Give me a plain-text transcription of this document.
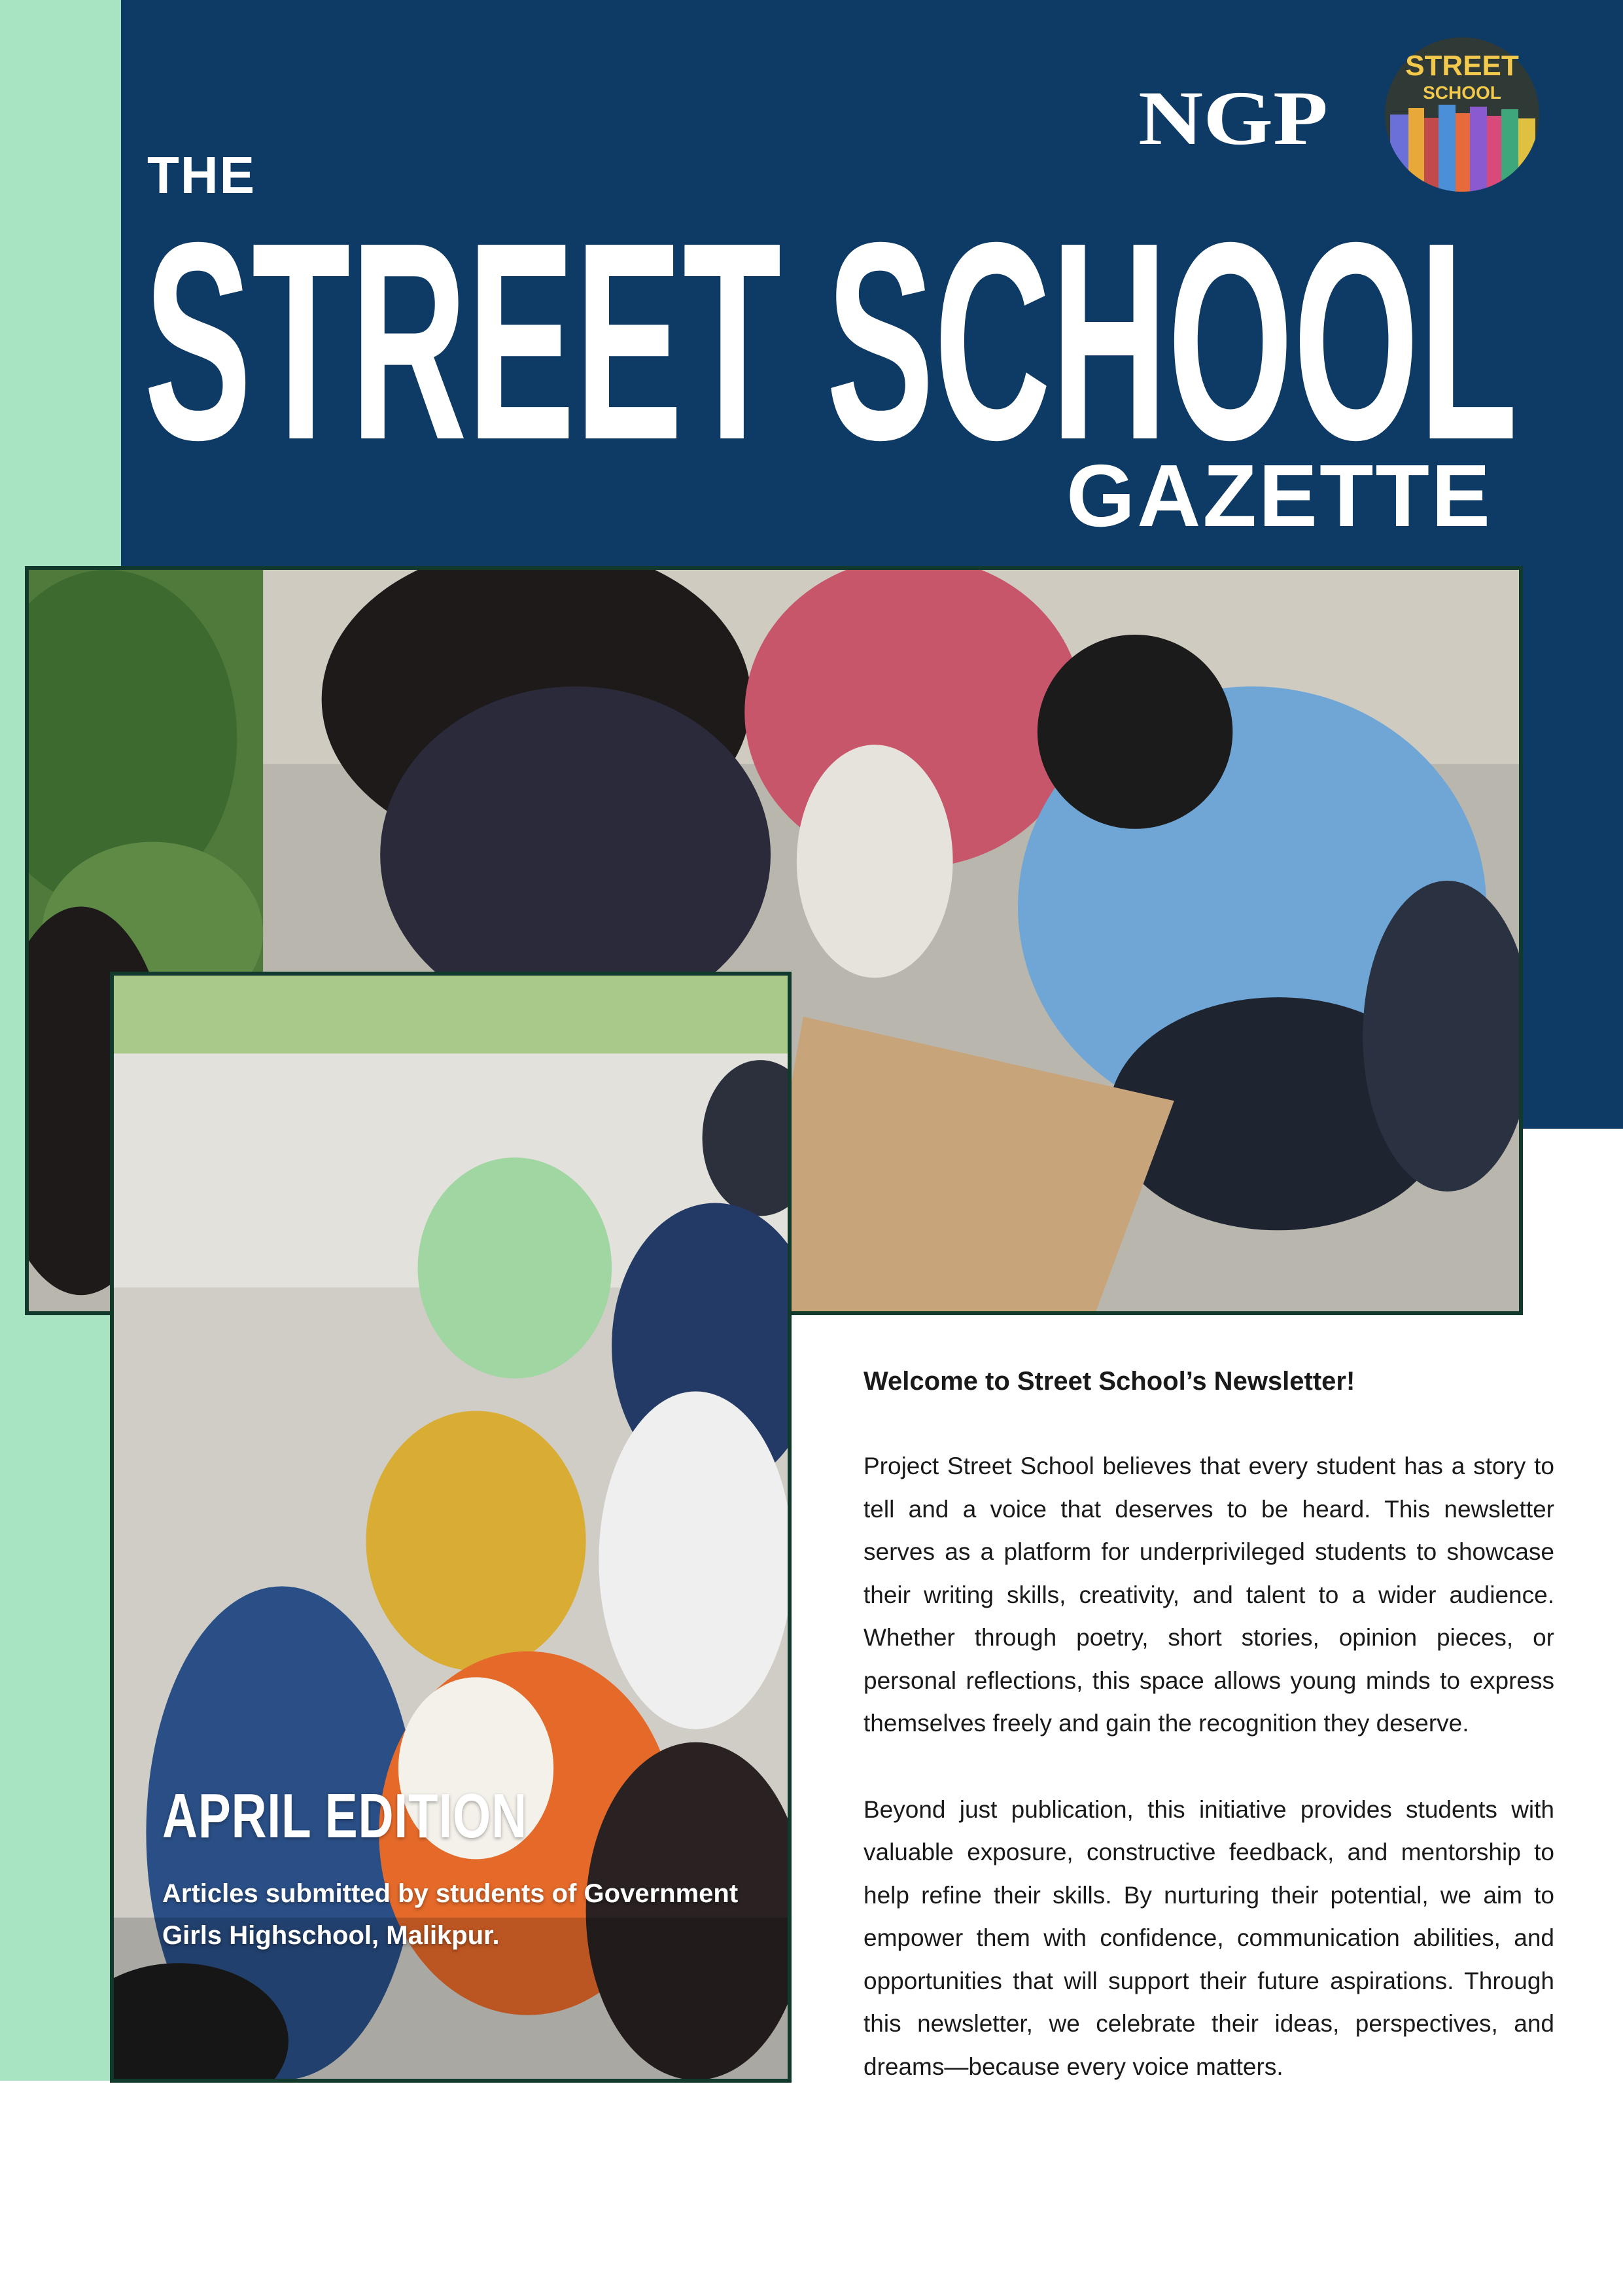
THE
STREET SCHOOL
GAZETTE
NGP
STREET
SCHOOL
APRIL EDITION
Articles submitted by students of Government Girls Highschool, Malikpur.
Welcome to Street School’s Newsletter!

Project Street School believes that every student has a story to tell and a voice that deserves to be heard. This newsletter serves as a platform for underprivileged students to showcase their writing skills, creativity, and talent to a wider audience. Whether through poetry, short stories, opinion pieces, or personal reflections, this space allows young minds to express themselves freely and gain the recognition they deserve.

Beyond just publication, this initiative provides students with valuable exposure, constructive feedback, and mentorship to help refine their skills. By nurturing their potential, we aim to empower them with confidence, communication abilities, and opportunities that will support their future aspirations. Through this newsletter, we celebrate their ideas, perspectives, and dreams—because every voice matters.
